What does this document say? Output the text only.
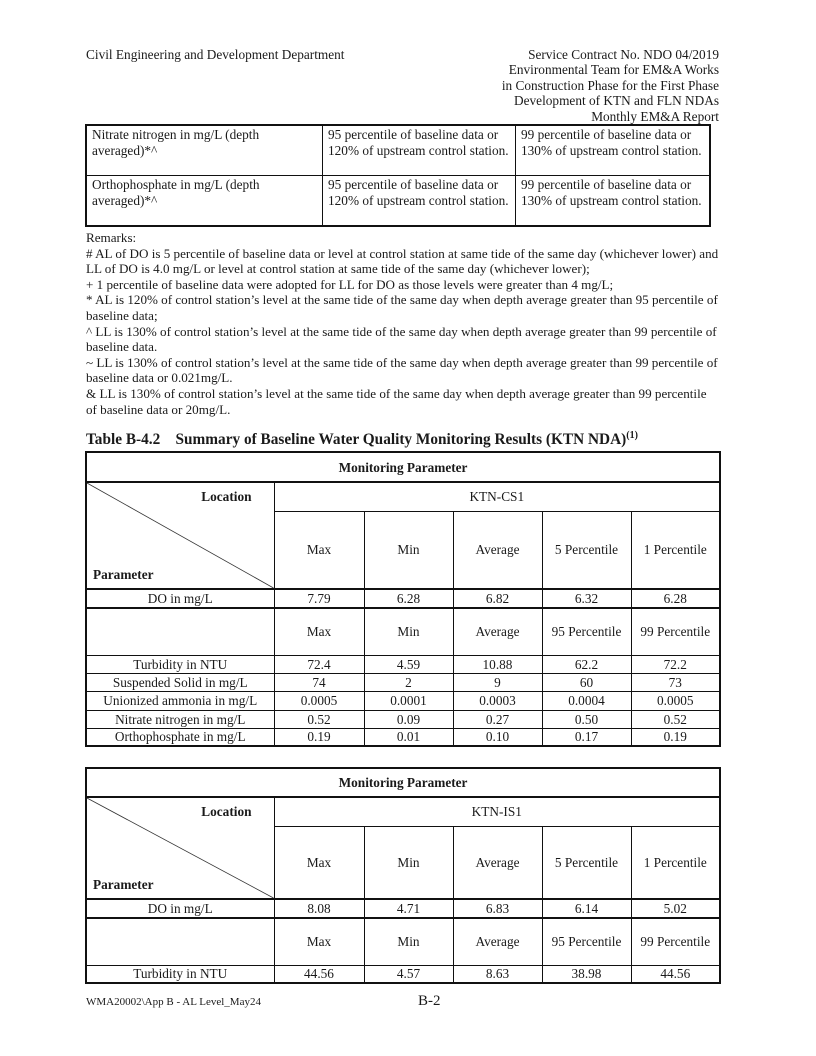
Civil Engineering and Development Department	Service Contract No. NDO 04/2019
Environmental Team for EM&A Works
in Construction Phase for the First Phase
Development of KTN and FLN NDAs
Monthly EM&A Report
Nitrate nitrogen in mg/L (depth averaged)*^	95 percentile of baseline data or 120% of upstream control station.	99 percentile of baseline data or 130% of upstream control station.
Orthophosphate in mg/L (depth averaged)*^	95 percentile of baseline data or 120% of upstream control station.	99 percentile of baseline data or 130% of upstream control station.

Remarks:

# AL of DO is 5 percentile of baseline data or level at control station at same tide of the same day (whichever lower) and LL of DO is 4.0 mg/L or level at control station at same tide of the same day (whichever lower);

+ 1 percentile of baseline data were adopted for LL for DO as those levels were greater than 4 mg/L;

* AL is 120% of control station’s level at the same tide of the same day when depth average greater than 95 percentile of baseline data;

^ LL is 130% of control station’s level at the same tide of the same day when depth average greater than 99 percentile of baseline data.

~ LL is 130% of control station’s level at the same tide of the same day when depth average greater than 99 percentile of baseline data or 0.021mg/L.

& LL is 130% of control station’s level at the same tide of the same day when depth average greater than 99 percentile of baseline data or 20mg/L.

Table B-4.2 Summary of Baseline Water Quality Monitoring Results (KTN NDA)$^{(1)}$
Monitoring Parameter					

Location
Parameter	KTN-CS1				
	Max	Min	Average	5 Percentile	1 Percentile
DO in mg/L	7.79	6.28	6.82	6.32	6.28
	Max	Min	Average	95 Percentile	99 Percentile
Turbidity in NTU	72.4	4.59	10.88	62.2	72.2
Suspended Solid in mg/L	74	2	9	60	73
Unionized ammonia in mg/L	0.0005	0.0001	0.0003	0.0004	0.0005
Nitrate nitrogen in mg/L	0.52	0.09	0.27	0.50	0.52
Orthophosphate in mg/L	0.19	0.01	0.10	0.17	0.19
Monitoring Parameter					

Location
Parameter	KTN-IS1				
	Max	Min	Average	5 Percentile	1 Percentile
DO in mg/L	8.08	4.71	6.83	6.14	5.02
	Max	Min	Average	95 Percentile	99 Percentile
Turbidity in NTU	44.56	4.57	8.63	38.98	44.56
WMA20002\App B - AL Level_May24	B-2
